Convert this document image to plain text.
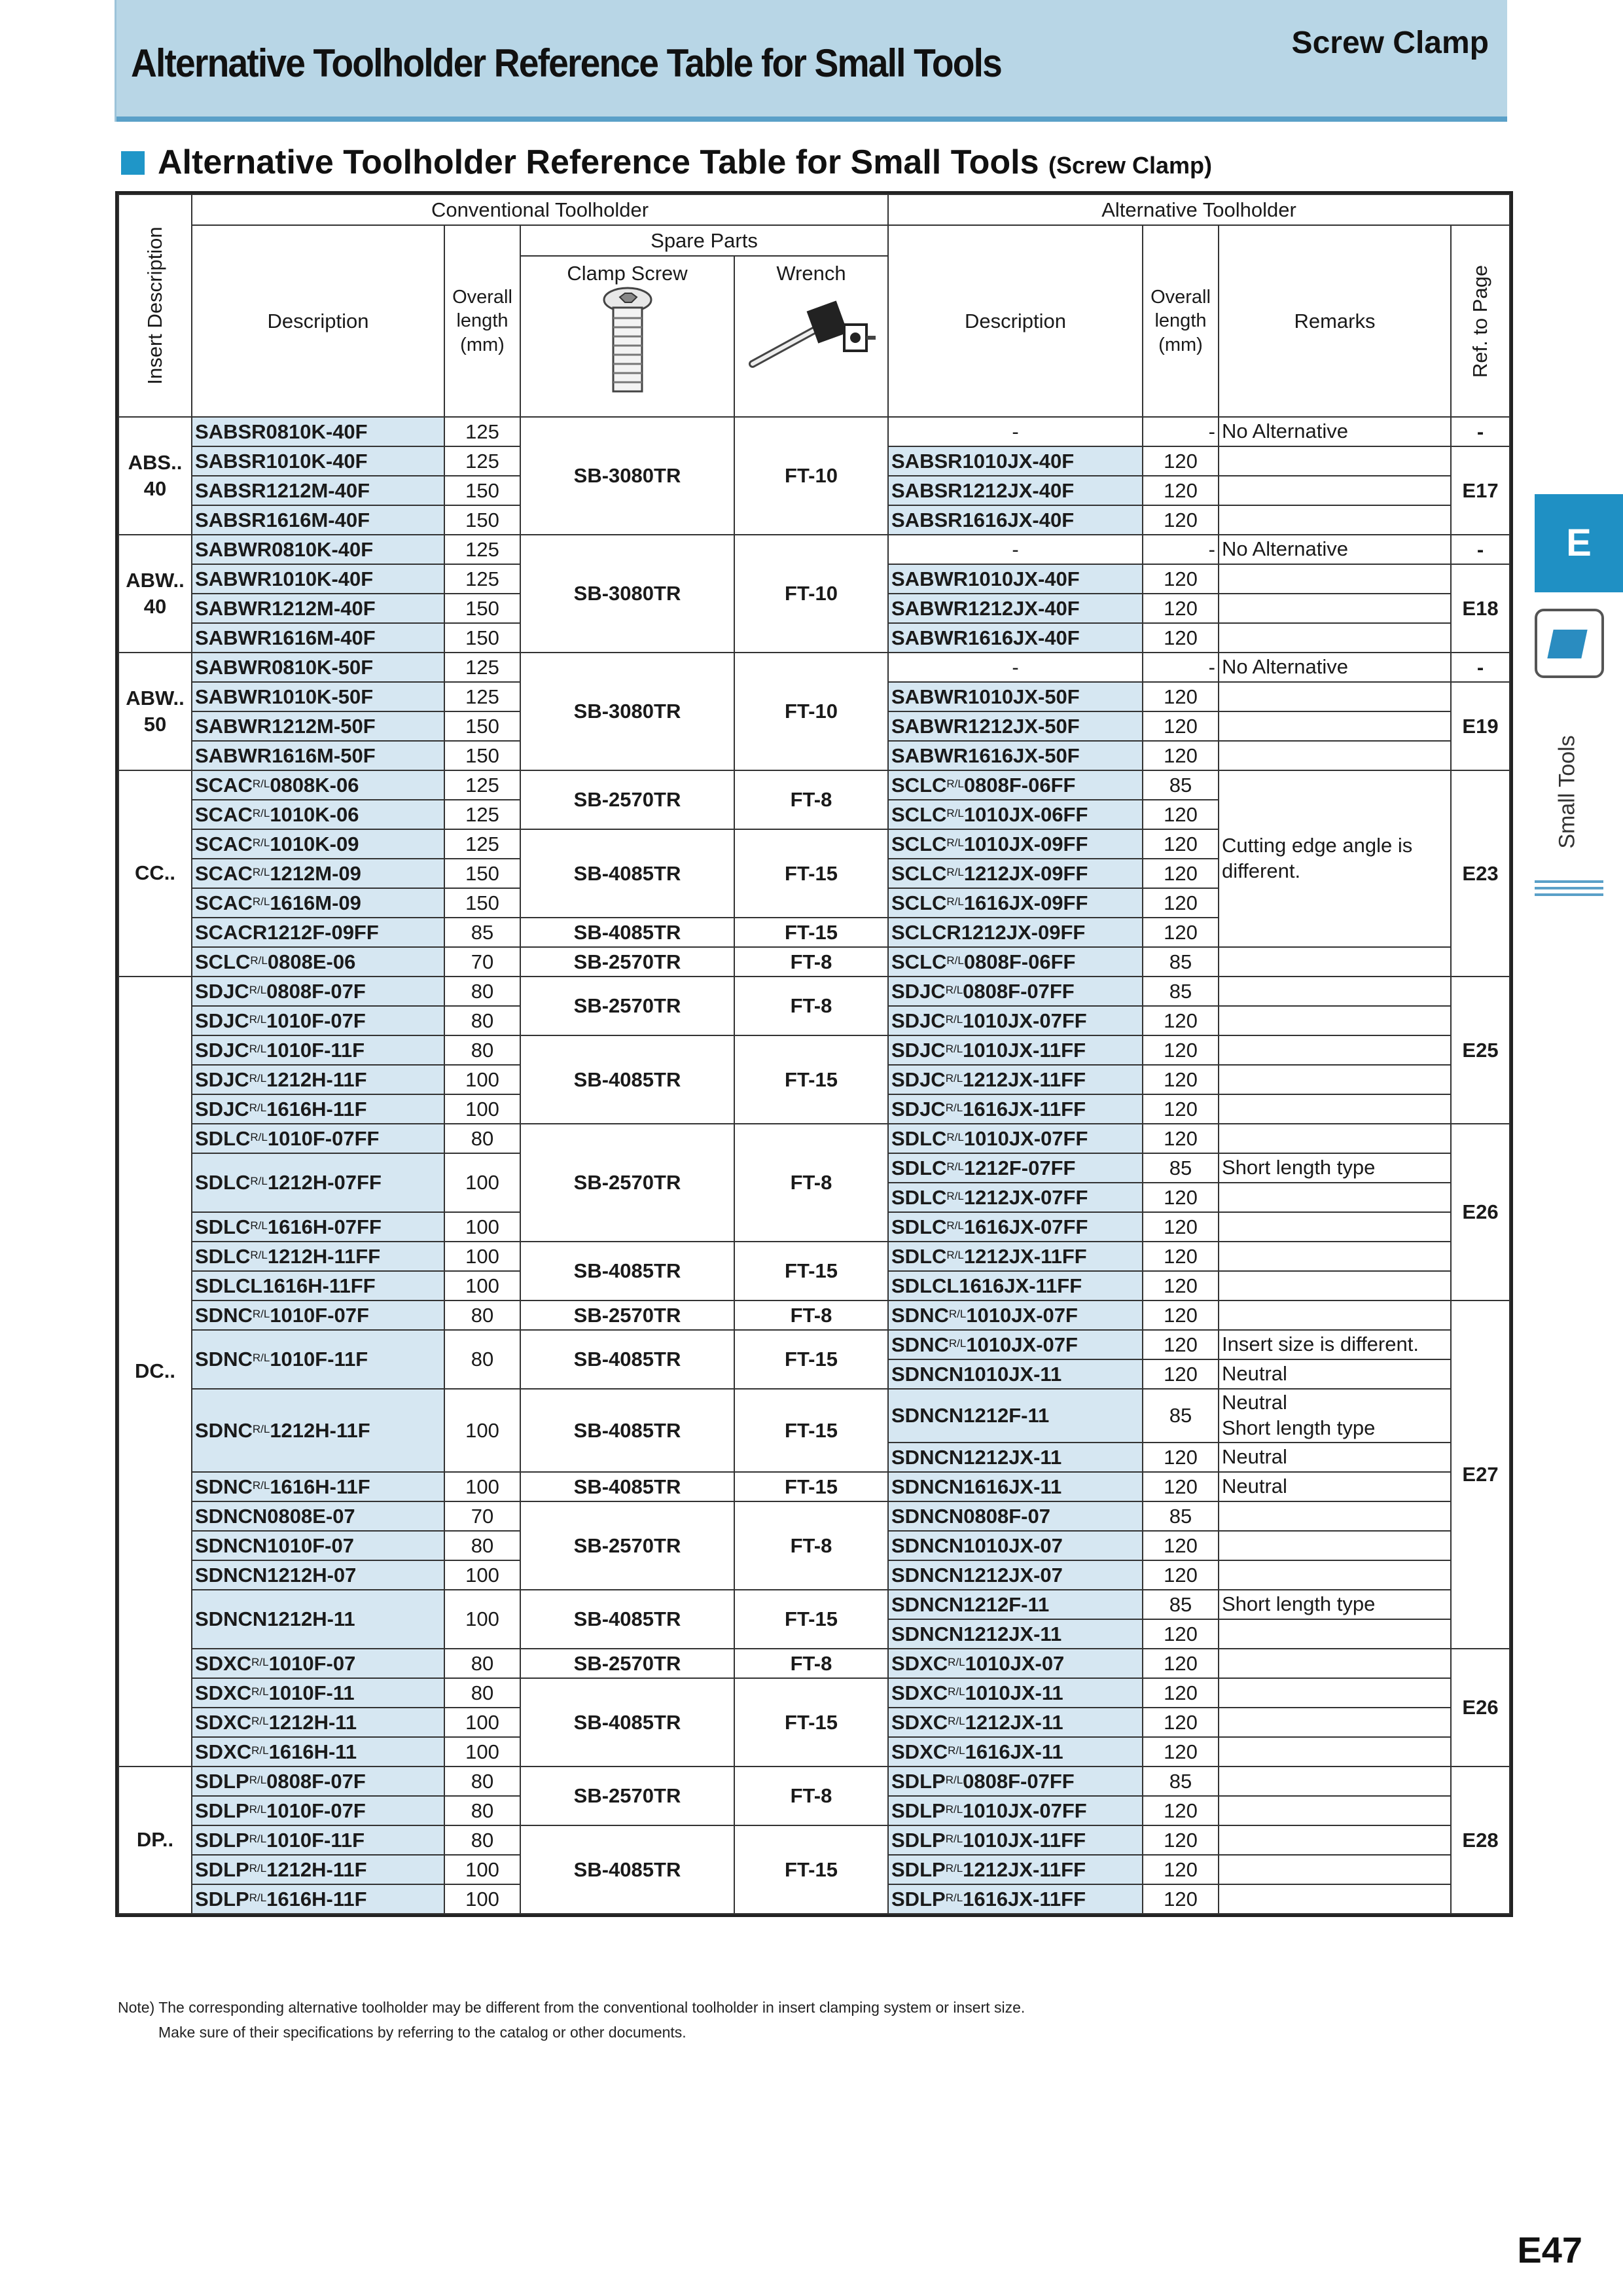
Alternative Toolholder Reference Table for Small Tools	Screw Clamp
Alternative Toolholder Reference Table for Small Tools (Screw Clamp)
E
Small Tools
Insert Description	Conventional Toolholder				Alternative Toolholder			
	Description	Overall
length
(mm)	Spare Parts		Description	Overall
length
(mm)	Remarks	Ref. to Page

			Clamp Screw	Wrench				

ABS..
40	SABSR0810K-40F	125	SB-3080TR	FT-10	-	-	No Alternative	-
	SABSR1010K-40F	125			SABSR1010JX-40F	120		E17
	SABSR1212M-40F	150			SABSR1212JX-40F	120		
	SABSR1616M-40F	150			SABSR1616JX-40F	120		

ABW..
40	SABWR0810K-40F	125	SB-3080TR	FT-10	-	-	No Alternative	-
	SABWR1010K-40F	125			SABWR1010JX-40F	120		E18
	SABWR1212M-40F	150			SABWR1212JX-40F	120		
	SABWR1616M-40F	150			SABWR1616JX-40F	120		

ABW..
50	SABWR0810K-50F	125	SB-3080TR	FT-10	-	-	No Alternative	-
	SABWR1010K-50F	125			SABWR1010JX-50F	120		E19
	SABWR1212M-50F	150			SABWR1212JX-50F	120		
	SABWR1616M-50F	150			SABWR1616JX-50F	120		

CC..	$SCAC^{R/L}0808K-06$	125	SB-2570TR	FT-8	$SCLC^{R/L}0808F-06FF$	85	Cutting edge angle is different.	E23
	$SCAC^{R/L}1010K-06$	125			$SCLC^{R/L}1010JX-06FF$	120		
	$SCAC^{R/L}1010K-09$	125	SB-4085TR	FT-15	$SCLC^{R/L}1010JX-09FF$	120		
	$SCAC^{R/L}1212M-09$	150			$SCLC^{R/L}1212JX-09FF$	120		
	$SCAC^{R/L}1616M-09$	150			$SCLC^{R/L}1616JX-09FF$	120		
	SCACR1212F-09FF	85	SB-4085TR	FT-15	SCLCR1212JX-09FF	120		
	$SCLC^{R/L}0808E-06$	70	SB-2570TR	FT-8	$SCLC^{R/L}0808F-06FF$	85		

DC..	$SDJC^{R/L}0808F-07F$	80	SB-2570TR	FT-8	$SDJC^{R/L}0808F-07FF$	85		E25
	$SDJC^{R/L}1010F-07F$	80			$SDJC^{R/L}1010JX-07FF$	120		
	$SDJC^{R/L}1010F-11F$	80	SB-4085TR	FT-15	$SDJC^{R/L}1010JX-11FF$	120		
	$SDJC^{R/L}1212H-11F$	100			$SDJC^{R/L}1212JX-11FF$	120		
	$SDJC^{R/L}1616H-11F$	100			$SDJC^{R/L}1616JX-11FF$	120		
	$SDLC^{R/L}1010F-07FF$	80	SB-2570TR	FT-8	$SDLC^{R/L}1010JX-07FF$	120		E26
	$SDLC^{R/L}1212H-07FF$	100			$SDLC^{R/L}1212F-07FF$	85	Short length type	

					$SDLC^{R/L}1212JX-07FF$	120		
	$SDLC^{R/L}1616H-07FF$	100			$SDLC^{R/L}1616JX-07FF$	120		
	$SDLC^{R/L}1212H-11FF$	100	SB-4085TR	FT-15	$SDLC^{R/L}1212JX-11FF$	120		
	SDLCL1616H-11FF	100			SDLCL1616JX-11FF	120		
	$SDNC^{R/L}1010F-07F$	80	SB-2570TR	FT-8	$SDNC^{R/L}1010JX-07F$	120		E27
	$SDNC^{R/L}1010F-11F$	80	SB-4085TR	FT-15	$SDNC^{R/L}1010JX-07F$	120	Insert size is different.	

					SDNCN1010JX-11	120	Neutral	

	$SDNC^{R/L}1212H-11F$	100	SB-4085TR	FT-15	SDNCN1212F-11	85	Neutral
Short length type	

					SDNCN1212JX-11	120	Neutral	

	$SDNC^{R/L}1616H-11F$	100	SB-4085TR	FT-15	SDNCN1616JX-11	120	Neutral	

	SDNCN0808E-07	70	SB-2570TR	FT-8	SDNCN0808F-07	85		
	SDNCN1010F-07	80			SDNCN1010JX-07	120		
	SDNCN1212H-07	100			SDNCN1212JX-07	120		
	SDNCN1212H-11	100	SB-4085TR	FT-15	SDNCN1212F-11	85	Short length type	

					SDNCN1212JX-11	120		
	$SDXC^{R/L}1010F-07$	80	SB-2570TR	FT-8	$SDXC^{R/L}1010JX-07$	120		E26
	$SDXC^{R/L}1010F-11$	80	SB-4085TR	FT-15	$SDXC^{R/L}1010JX-11$	120		
	$SDXC^{R/L}1212H-11$	100			$SDXC^{R/L}1212JX-11$	120		
	$SDXC^{R/L}1616H-11$	100			$SDXC^{R/L}1616JX-11$	120		

DP..	$SDLP^{R/L}0808F-07F$	80	SB-2570TR	FT-8	$SDLP^{R/L}0808F-07FF$	85		E28
	$SDLP^{R/L}1010F-07F$	80			$SDLP^{R/L}1010JX-07FF$	120		
	$SDLP^{R/L}1010F-11F$	80	SB-4085TR	FT-15	$SDLP^{R/L}1010JX-11FF$	120		
	$SDLP^{R/L}1212H-11F$	100			$SDLP^{R/L}1212JX-11FF$	120		
	$SDLP^{R/L}1616H-11F$	100			$SDLP^{R/L}1616JX-11FF$	120		
Note) The corresponding alternative toolholder may be different from the conventional toolholder in insert clamping system or insert size.
Make sure of their specifications by referring to the catalog or other documents.
E47
